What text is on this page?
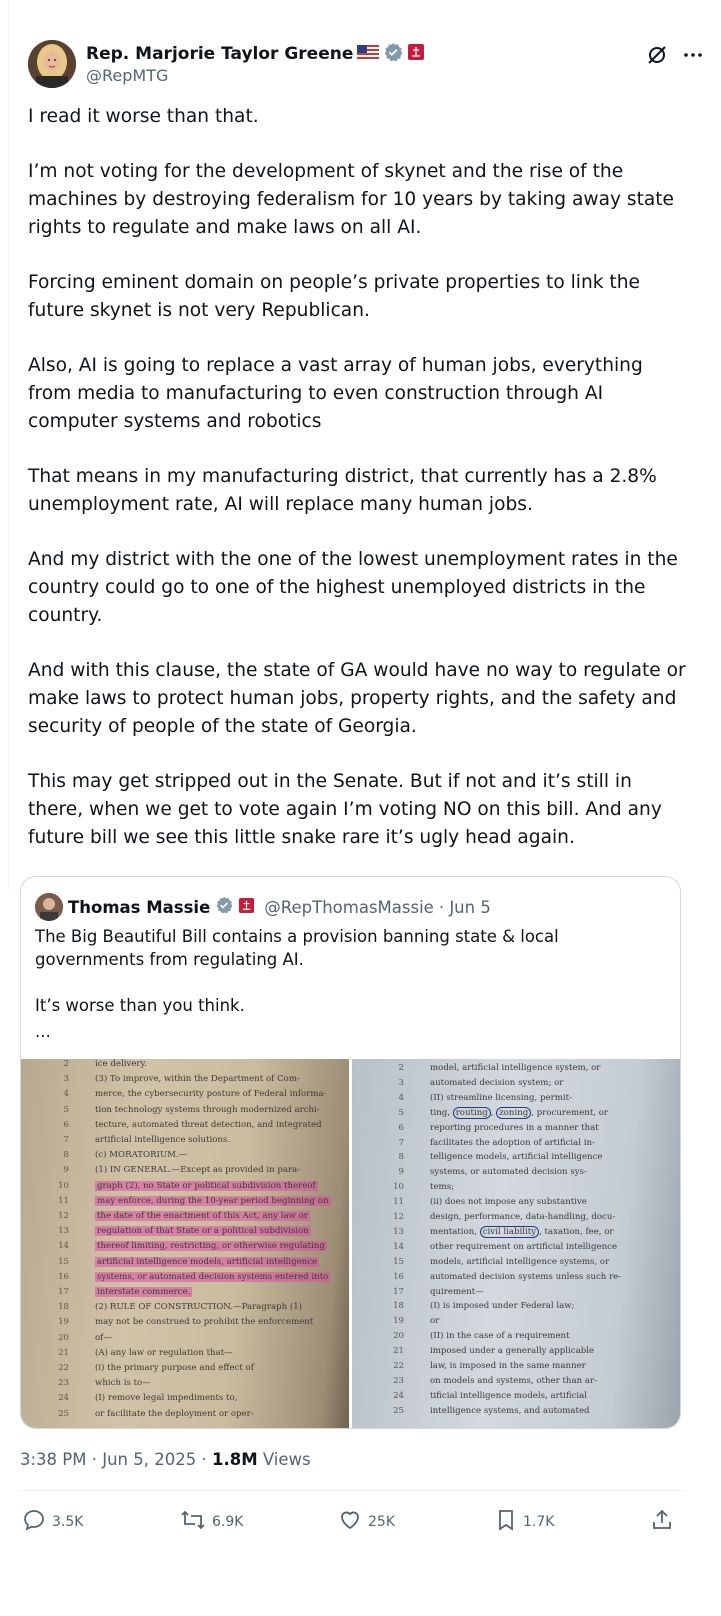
Rep. Marjorie Taylor Greene
@RepMTG

I read it worse than that.

I’m not voting for the development of skynet and the rise of the machines by destroying federalism for 10 years by taking away state rights to regulate and make laws on all AI.

Forcing eminent domain on people’s private properties to link the future skynet is not very Republican.

Also, AI is going to replace a vast array of human jobs, everything from media to manufacturing to even construction through AI computer systems and robotics

That means in my manufacturing district, that currently has a 2.8% unemployment rate, AI will replace many human jobs.

And my district with the one of the lowest unemployment rates in the country could go to one of the highest unemployed districts in the country.

And with this clause, the state of GA would have no way to regulate or make laws to protect human jobs, property rights, and the safety and security of people of the state of Georgia.

This may get stripped out in the Senate. But if not and it’s still in there, when we get to vote again I’m voting NO on this bill. And any future bill we see this little snake rare it’s ugly head again.

Thomas Massie	@RepThomasMassie · Jun 5

The Big Beautiful Bill contains a provision banning state & local governments from regulating AI.

It’s worse than you think.

...

2	ice delivery.
3	(3) To improve, within the Department of Com-
4	merce, the cybersecurity posture of Federal informa-
5	tion technology systems through modernized archi-
6	tecture, automated threat detection, and integrated
7	artificial intelligence solutions.
8	(c) MORATORIUM.—
9	(1) IN GENERAL.—Except as provided in para-
10	graph (2), no State or political subdivision thereof
11	may enforce, during the 10-year period beginning on
12	the date of the enactment of this Act, any law or
13	regulation of that State or a political subdivision
14	thereof limiting, restricting, or otherwise regulating
15	artificial intelligence models, artificial intelligence
16	systems, or automated decision systems entered into
17	interstate commerce.
18	(2) RULE OF CONSTRUCTION.—Paragraph (1)
19	may not be construed to prohibit the enforcement
20	of—
21	(A) any law or regulation that—
22	(i) the primary purpose and effect of
23	which is to—
24	(I) remove legal impediments to,
25	or facilitate the deployment or oper-
2	model, artificial intelligence system, or
3	automated decision system; or
4	(II) streamline licensing, permit-
5	ting, routing , zoning , procurement, or
6	reporting procedures in a manner that
7	facilitates the adoption of artificial in-
8	telligence models, artificial intelligence
9	systems, or automated decision sys-
10	tems;
11	(ii) does not impose any substantive
12	design, performance, data-handling, docu-
13	mentation, civil liability , taxation, fee, or
14	other requirement on artificial intelligence
15	models, artificial intelligence systems, or
16	automated decision systems unless such re-
17	quirement—
18	(I) is imposed under Federal law;
19	or
20	(II) in the case of a requirement
21	imposed under a generally applicable
22	law, is imposed in the same manner
23	on models and systems, other than ar-
24	tificial intelligence models, artificial
25	intelligence systems, and automated
3:38 PM · Jun 5, 2025 · 1.8M Views
3.5K	6.9K	25K	1.7K
